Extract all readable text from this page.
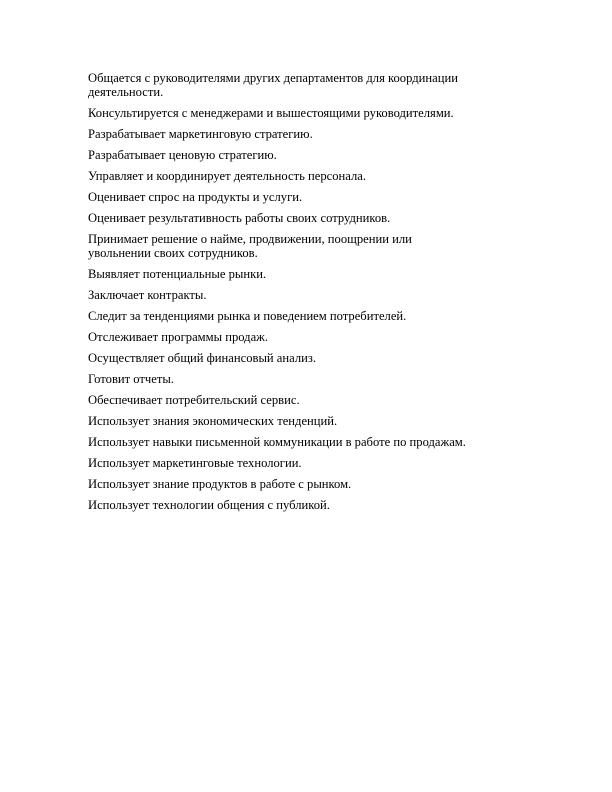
Общается с руководителями других департаментов для координации деятельности.
Консультируется с менеджерами и вышестоящими руководителями.
Разрабатывает маркетинговую стратегию.
Разрабатывает ценовую стратегию.
Управляет и координирует деятельность персонала.
Оценивает спрос на продукты и услуги.
Оценивает результативность работы своих сотрудников.
Принимает решение о найме, продвижении, поощрении или увольнении своих сотрудников.
Выявляет потенциальные рынки.
Заключает контракты.
Следит за тенденциями рынка и поведением потребителей.
Отслеживает программы продаж.
Осуществляет общий финансовый анализ.
Готовит отчеты.
Обеспечивает потребительский сервис.
Использует знания экономических тенденций.
Использует навыки письменной коммуникации в работе по продажам.
Использует маркетинговые технологии.
Использует знание продуктов в работе с рынком.
Использует технологии общения с публикой.
